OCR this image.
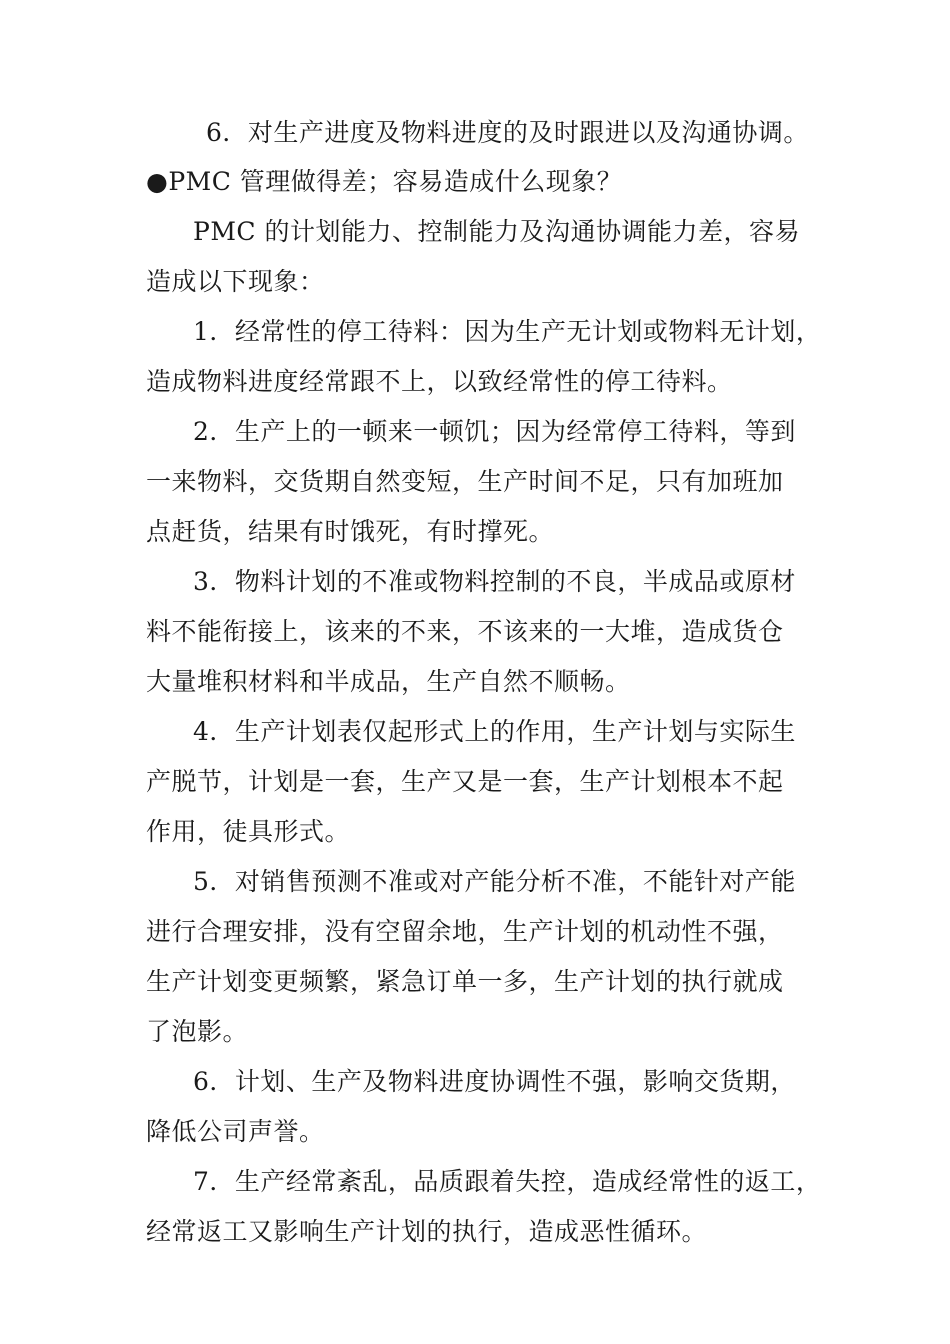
6．对生产进度及物料进度的及时跟进以及沟通协调。
●PMC 管理做得差；容易造成什么现象？
PMC 的计划能力、控制能力及沟通协调能力差，容易
造成以下现象：
1．经常性的停工待料：因为生产无计划或物料无计划，
造成物料进度经常跟不上，以致经常性的停工待料。
2．生产上的一顿来一顿饥；因为经常停工待料，等到
一来物料，交货期自然变短，生产时间不足，只有加班加
点赶货，结果有时饿死，有时撑死。
3．物料计划的不准或物料控制的不良，半成品或原材
料不能衔接上，该来的不来，不该来的一大堆，造成货仓
大量堆积材料和半成品，生产自然不顺畅。
4．生产计划表仅起形式上的作用，生产计划与实际生
产脱节，计划是一套，生产又是一套，生产计划根本不起
作用，徒具形式。
5．对销售预测不准或对产能分析不准，不能针对产能
进行合理安排，没有空留余地，生产计划的机动性不强，
生产计划变更频繁，紧急订单一多，生产计划的执行就成
了泡影。
6．计划、生产及物料进度协调性不强，影响交货期，
降低公司声誉。
7．生产经常紊乱，品质跟着失控，造成经常性的返工，
经常返工又影响生产计划的执行，造成恶性循环。
